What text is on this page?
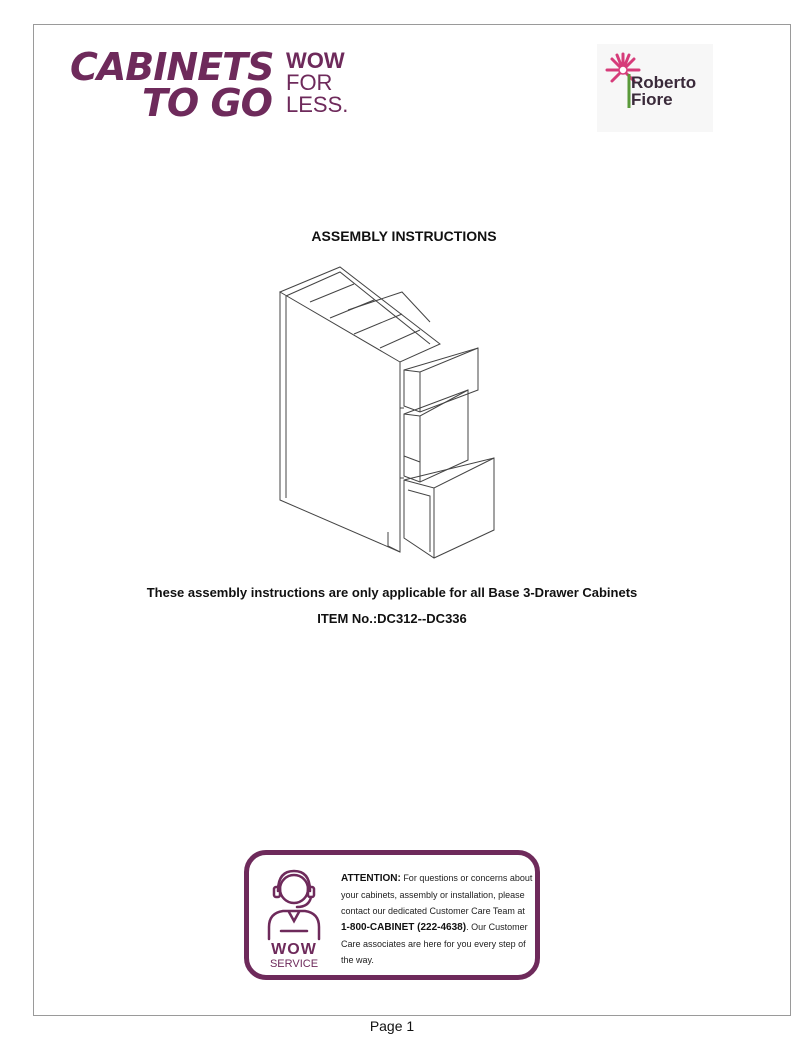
CABINETS
TO GO
WOW
FOR
LESS.
Roberto
Fiore
ASSEMBLY INSTRUCTIONS
These assembly instructions are only applicable for all Base 3-Drawer Cabinets
ITEM No.:DC312--DC336
WOW
SERVICE
ATTENTION: For questions or concerns about your cabinets, assembly or installation, please contact our dedicated Customer Care Team at 1-800-CABINET (222-4638). Our Customer Care associates are here for you every step of the way.
Page 1
